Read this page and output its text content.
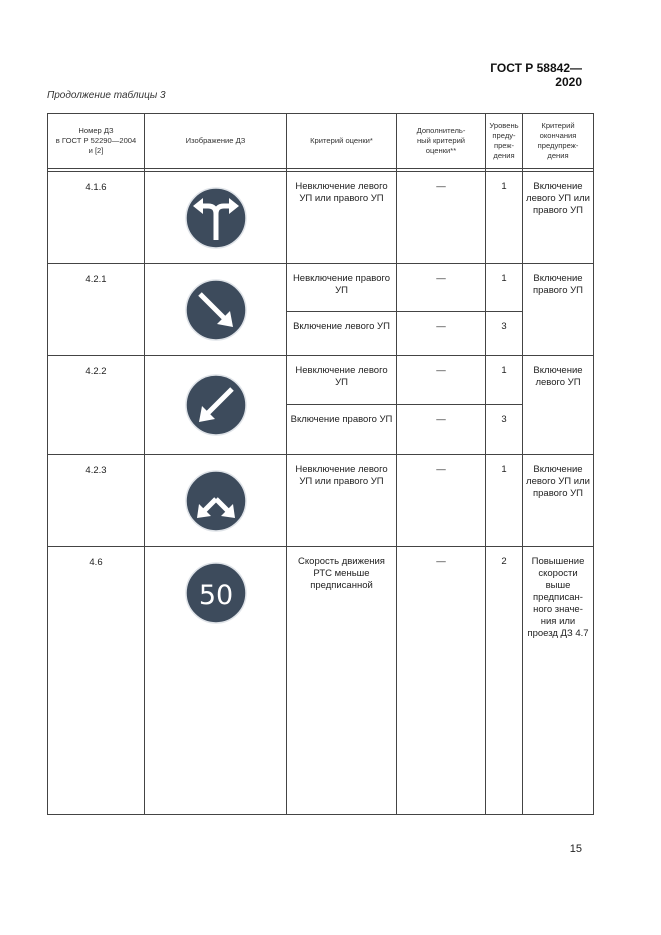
ГОСТ Р 58842—2020
Продолжение таблицы 3
Номер ДЗ
в ГОСТ Р 52290—2004
и [2]	Изображение ДЗ	Критерий оценки*	Дополнитель-
ный критерий
оценки**	Уровень
преду-
преж-
дения	Критерий
окончания
предупреж-
дения

4.1.6		Невключение левого УП или правого УП	—	1	Включение левого УП или правого УП
4.2.1		Невключение правого УП	—	1	Включение правого УП
		Включение левого УП	—	3	
4.2.2		Невключение левого УП	—	1	Включение левого УП
		Включение правого УП	—	3	
4.2.3		Невключение левого УП или правого УП	—	1	Включение левого УП или правого УП
4.6	50	Скорость движения РТС меньше предписанной	—	2	Повышение скорости выше предписан- ного значе- ния или проезд ДЗ 4.7
15
